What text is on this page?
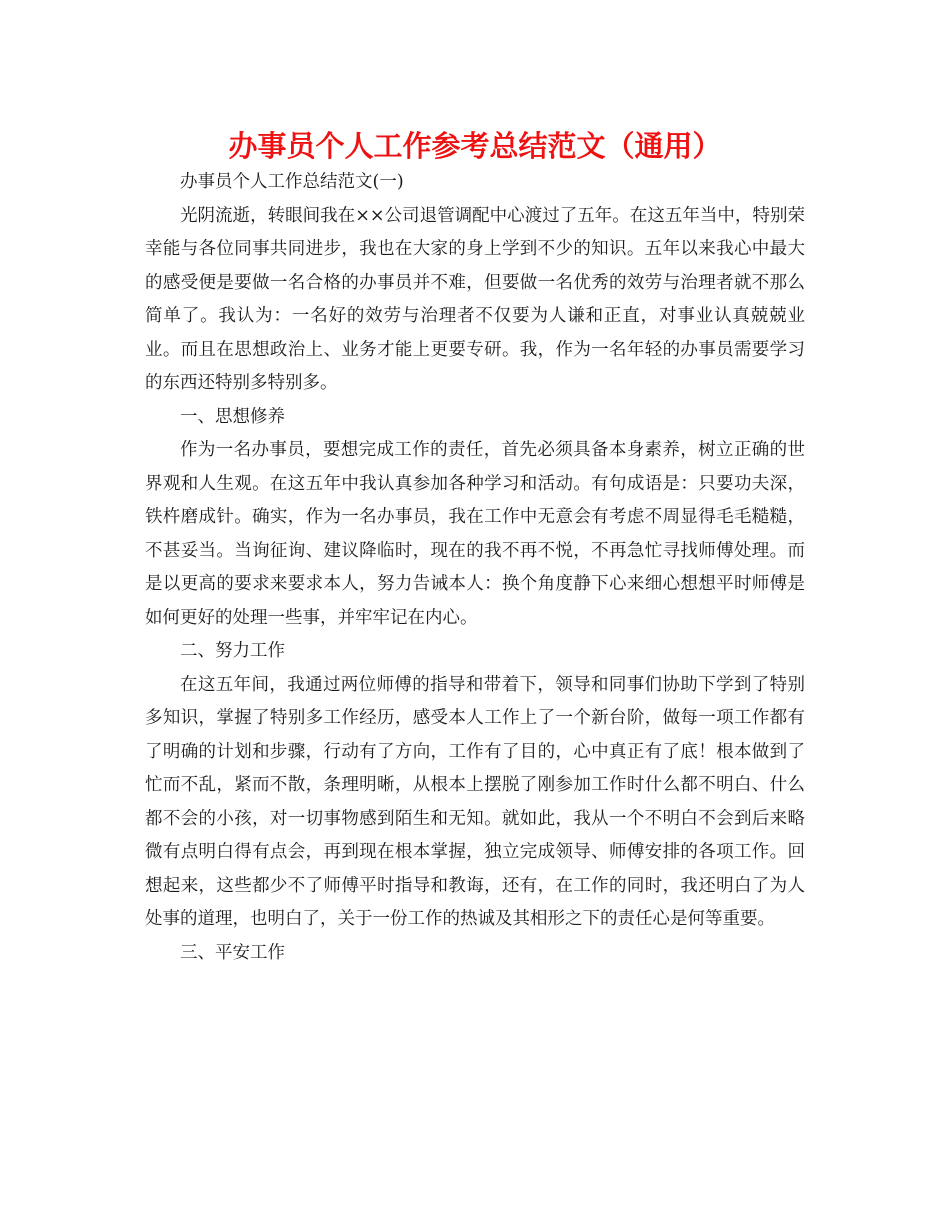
办事员个人工作参考总结范文（通用）

办事员个人工作总结范文(一)

光阴流逝，转眼间我在××公司退管调配中心渡过了五年。在这五年当中，特别荣幸能与各位同事共同进步，我也在大家的身上学到不少的知识。五年以来我心中最大的感受便是要做一名合格的办事员并不难，但要做一名优秀的效劳与治理者就不那么简单了。我认为：一名好的效劳与治理者不仅要为人谦和正直，对事业认真兢兢业业。而且在思想政治上、业务才能上更要专研。我，作为一名年轻的办事员需要学习的东西还特别多特别多。

一、思想修养

作为一名办事员，要想完成工作的责任，首先必须具备本身素养，树立正确的世界观和人生观。在这五年中我认真参加各种学习和活动。有句成语是：只要功夫深，铁杵磨成针。确实，作为一名办事员，我在工作中无意会有考虑不周显得毛毛糙糙，不甚妥当。当询征询、建议降临时，现在的我不再不悦，不再急忙寻找师傅处理。而是以更高的要求来要求本人，努力告诫本人：换个角度静下心来细心想想平时师傅是如何更好的处理一些事，并牢牢记在内心。

二、努力工作

在这五年间，我通过两位师傅的指导和带着下，领导和同事们协助下学到了特别多知识，掌握了特别多工作经历，感受本人工作上了一个新台阶，做每一项工作都有了明确的计划和步骤，行动有了方向，工作有了目的，心中真正有了底！根本做到了忙而不乱，紧而不散，条理明晰，从根本上摆脱了刚参加工作时什么都不明白、什么都不会的小孩，对一切事物感到陌生和无知。就如此，我从一个不明白不会到后来略微有点明白得有点会，再到现在根本掌握，独立完成领导、师傅安排的各项工作。回想起来，这些都少不了师傅平时指导和教诲，还有，在工作的同时，我还明白了为人处事的道理，也明白了，关于一份工作的热诚及其相形之下的责任心是何等重要。

三、平安工作
